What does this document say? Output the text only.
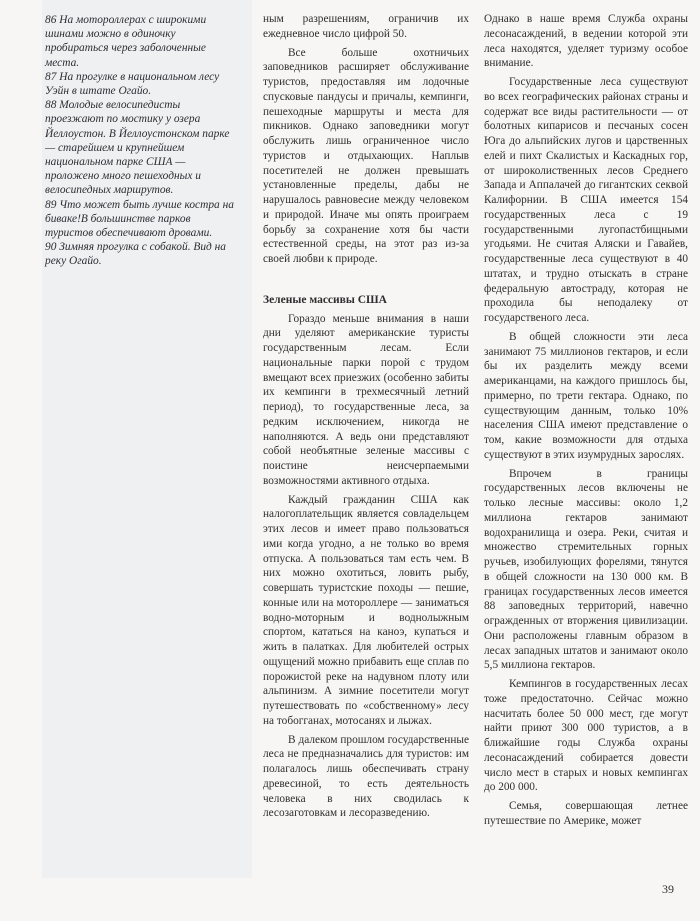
86 На мотороллерах с широкими шинами можно в одиночку пробираться через заболоченные места.

87 На прогулке в национальном лесу Уэйн в штате Огайо.

88 Молодые велосипедисты проезжают по мостику у озера Йеллоустон. В Йеллоустонском парке — старейшем и крупнейшем национальном парке США — проложено много пешеходных и велосипедных маршрутов.

89 Что может быть лучше костра на биваке!В большинстве парков туристов обеспечивают дровами.

90 Зимняя прогулка с собакой. Вид на реку Огайо.

ным разрешениям, ограничив их ежедневное число цифрой 50.

Все больше охотничьих заповедников расширяет обслуживание туристов, предоставляя им лодочные спусковые пандусы и причалы, кемпинги, пешеходные маршруты и места для пикников. Однако заповедники могут обслужить лишь ограниченное число туристов и отдыхающих. Наплыв посетителей не должен превышать установленные пределы, дабы не нарушалось равновесие между человеком и природой. Иначе мы опять проиграем борьбу за сохранение хотя бы части естественной среды, на этот раз из-за своей любви к природе.

Зеленые массивы США

Гораздо меньше внимания в наши дни уделяют американские туристы государственным лесам. Если национальные парки порой с трудом вмещают всех приезжих (особенно забиты их кемпинги в трехмесячный летний период), то государственные леса, за редким исключением, никогда не наполняются. А ведь они представляют собой необъятные зеленые массивы с поистине неисчерпаемыми возможностями активного отдыха.

Каждый гражданин США как налогоплательщик является совладельцем этих лесов и имеет право пользоваться ими когда угодно, а не только во время отпуска. А пользоваться там есть чем. В них можно охотиться, ловить рыбу, совершать туристские походы — пешие, конные или на мотороллере — заниматься водно-моторным и воднолыжным спортом, кататься на каноэ, купаться и жить в палатках. Для любителей острых ощущений можно прибавить еще сплав по порожистой реке на надувном плоту или альпинизм. А зимние посетители могут путешествовать по «собственному» лесу на тобогганах, мотосанях и лыжах.

В далеком прошлом государственные леса не предназначались для туристов: им полагалось лишь обеспечивать страну древесиной, то есть деятельность человека в них сводилась к лесозаготовкам и лесоразведению.

Однако в наше время Служба охраны лесонасаждений, в ведении которой эти леса находятся, уделяет туризму особое внимание.

Государственные леса существуют во всех географических районах страны и содержат все виды растительности — от болотных кипарисов и песчаных сосен Юга до альпийских лугов и царственных елей и пихт Скалистых и Каскадных гор, от широколиственных лесов Среднего Запада и Аппалачей до гигантских секвой Калифорнии. В США имеется 154 государственных леса с 19 государственными лугопастбищными угодьями. Не считая Аляски и Гавайев, государственные леса существуют в 40 штатах, и трудно отыскать в стране федеральную автостраду, которая не проходила бы неподалеку от государственого леса.

В общей сложности эти леса занимают 75 миллионов гектаров, и если бы их разделить между всеми американцами, на каждого пришлось бы, примерно, по трети гектара. Однако, по существующим данным, только 10% населения США имеют представление о том, какие возможности для отдыха существуют в этих изумрудных зарослях.

Впрочем в границы государственных лесов включены не только лесные массивы: около 1,2 миллиона гектаров занимают водохранилища и озера. Реки, считая и множество стремительных горных ручьев, изобилующих форелями, тянутся в общей сложности на 130 000 км. В границах государственных лесов имеется 88 заповедных территорий, навечно огражденных от вторжения цивилизации. Они расположены главным образом в лесах западных штатов и занимают около 5,5 миллиона гектаров.

Кемпингов в государственных лесах тоже предостаточно. Сейчас можно насчитать более 50 000 мест, где могут найти приют 300 000 туристов, а в ближайшие годы Служба охраны лесонасаждений собирается довести число мест в старых и новых кемпингах до 200 000.

Семья, совершающая летнее путешествие по Америке, может

39
